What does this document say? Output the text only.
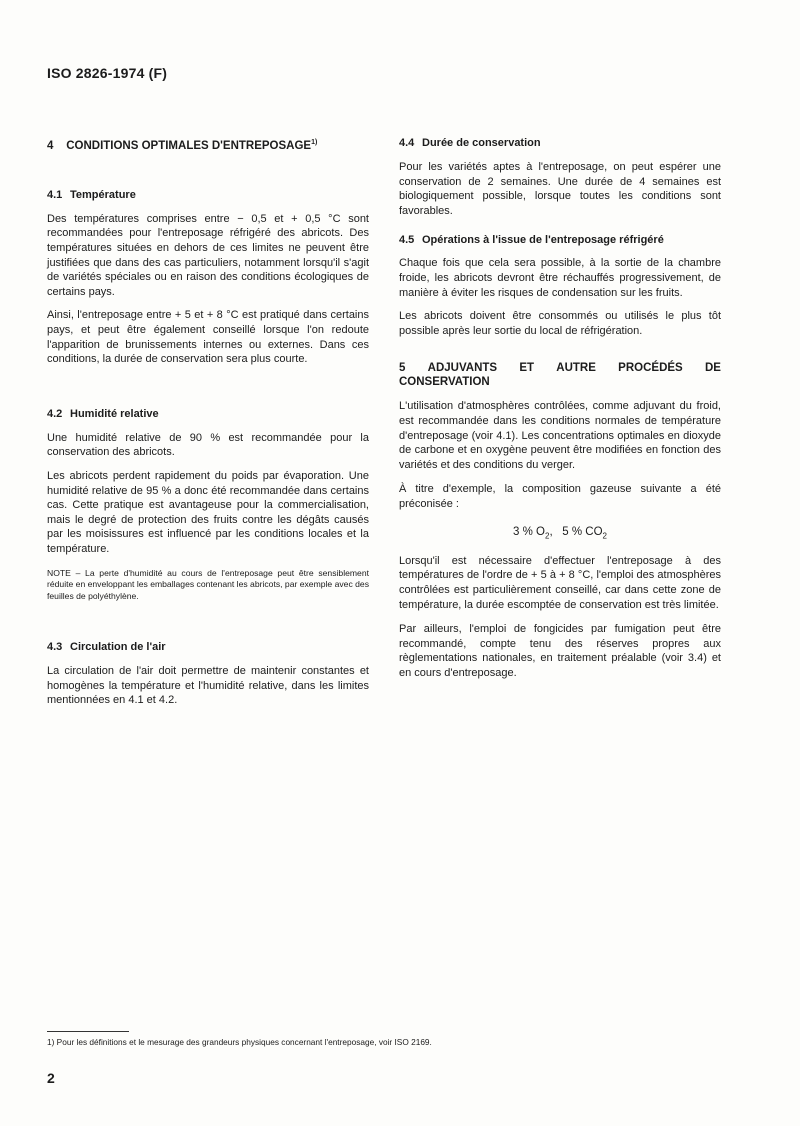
ISO 2826-1974 (F)
4 CONDITIONS OPTIMALES D'ENTREPOSAGE$^{1)}$
4.1 Température

Des températures comprises entre − 0,5 et + 0,5 °C sont recommandées pour l'entreposage réfrigéré des abricots. Des températures situées en dehors de ces limites ne peuvent être justifiées que dans des cas particuliers, notamment lorsqu'il s'agit de variétés spéciales ou en raison des conditions écologiques de certains pays.

Ainsi, l'entreposage entre + 5 et + 8 °C est pratiqué dans certains pays, et peut être également conseillé lorsque l'on redoute l'apparition de brunissements internes ou externes. Dans ces conditions, la durée de conservation sera plus courte.

4.2 Humidité relative

Une humidité relative de 90 % est recommandée pour la conservation des abricots.

Les abricots perdent rapidement du poids par évaporation. Une humidité relative de 95 % a donc été recommandée dans certains cas. Cette pratique est avantageuse pour la commercialisation, mais le degré de protection des fruits contre les dégâts causés par les moisissures est influencé par les conditions locales et la température.

NOTE – La perte d'humidité au cours de l'entreposage peut être sensiblement réduite en enveloppant les emballages contenant les abricots, par exemple avec des feuilles de polyéthylène.

4.3 Circulation de l'air

La circulation de l'air doit permettre de maintenir constantes et homogènes la température et l'humidité relative, dans les limites mentionnées en 4.1 et 4.2.

4.4 Durée de conservation

Pour les variétés aptes à l'entreposage, on peut espérer une conservation de 2 semaines. Une durée de 4 semaines est biologiquement possible, lorsque toutes les conditions sont favorables.

4.5 Opérations à l'issue de l'entreposage réfrigéré

Chaque fois que cela sera possible, à la sortie de la chambre froide, les abricots devront être réchauffés progressivement, de manière à éviter les risques de condensation sur les fruits.

Les abricots doivent être consommés ou utilisés le plus tôt possible après leur sortie du local de réfrigération.

5 ADJUVANTS ET AUTRE PROCÉDÉS DE
CONSERVATION

L'utilisation d'atmosphères contrôlées, comme adjuvant du froid, est recommandée dans les conditions normales de température d'entreposage (voir 4.1). Les concentrations optimales en dioxyde de carbone et en oxygène peuvent être modifiées en fonction des variétés et des conditions du verger.

À titre d'exemple, la composition gazeuse suivante a été préconisée :

3 % $O_2$, 5 % $CO_2$

Lorsqu'il est nécessaire d'effectuer l'entreposage à des températures de l'ordre de + 5 à + 8 °C, l'emploi des atmosphères contrôlées est particulièrement conseillé, car dans cette zone de température, la durée escomptée de conservation est très limitée.

Par ailleurs, l'emploi de fongicides par fumigation peut être recommandé, compte tenu des réserves propres aux règlementations nationales, en traitement préalable (voir 3.4) et en cours d'entreposage.

1) Pour les définitions et le mesurage des grandeurs physiques concernant l'entreposage, voir ISO 2169.
2
